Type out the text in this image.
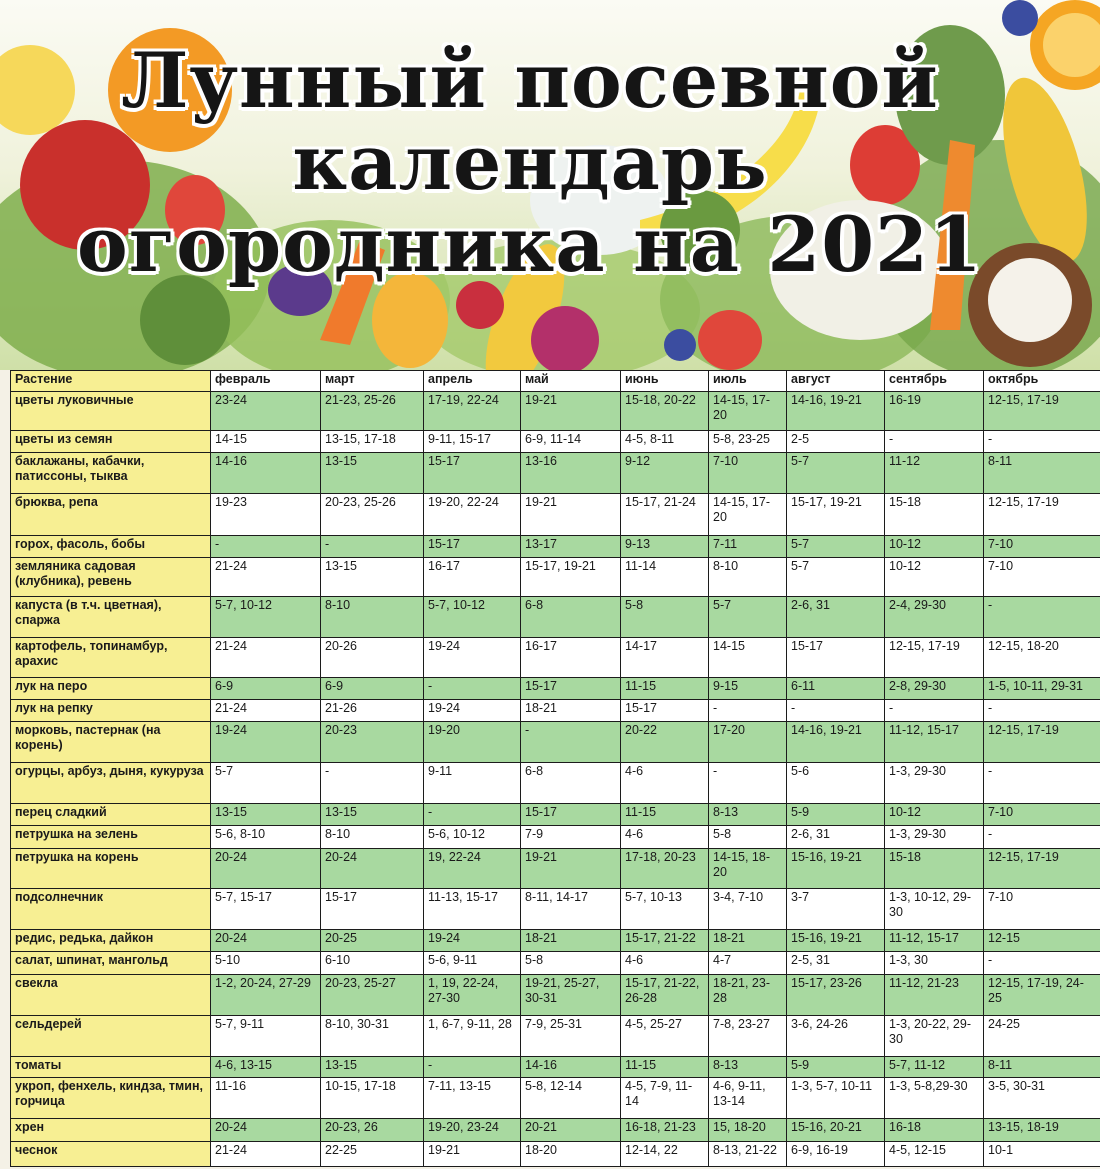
Лунный посевной
календарь
огородника на 2021
Растение	февраль	март	апрель	май	июнь	июль	август	сентябрь	октябрь
цветы луковичные	23-24	21-23, 25-26	17-19, 22-24	19-21	15-18, 20-22	14-15, 17-20	14-16, 19-21	16-19	12-15, 17-19
цветы из семян	14-15	13-15, 17-18	9-11, 15-17	6-9, 11-14	4-5, 8-11	5-8, 23-25	2-5	-	-
баклажаны, кабачки, патиссоны, тыква	14-16	13-15	15-17	13-16	9-12	7-10	5-7	11-12	8-11
брюква, репа	19-23	20-23, 25-26	19-20, 22-24	19-21	15-17, 21-24	14-15, 17-20	15-17, 19-21	15-18	12-15, 17-19
горох, фасоль, бобы	-	-	15-17	13-17	9-13	7-11	5-7	10-12	7-10
земляника садовая (клубника), ревень	21-24	13-15	16-17	15-17, 19-21	11-14	8-10	5-7	10-12	7-10
капуста (в т.ч. цветная), спаржа	5-7, 10-12	8-10	5-7, 10-12	6-8	5-8	5-7	2-6, 31	2-4, 29-30	-
картофель, топинамбур, арахис	21-24	20-26	19-24	16-17	14-17	14-15	15-17	12-15, 17-19	12-15, 18-20
лук на перо	6-9	6-9	-	15-17	11-15	9-15	6-11	2-8, 29-30	1-5, 10-11, 29-31
лук на репку	21-24	21-26	19-24	18-21	15-17	-	-	-	-
морковь, пастернак (на корень)	19-24	20-23	19-20	-	20-22	17-20	14-16, 19-21	11-12, 15-17	12-15, 17-19
огурцы, арбуз, дыня, кукуруза	5-7	-	9-11	6-8	4-6	-	5-6	1-3, 29-30	-
перец сладкий	13-15	13-15	-	15-17	11-15	8-13	5-9	10-12	7-10
петрушка на зелень	5-6, 8-10	8-10	5-6, 10-12	7-9	4-6	5-8	2-6, 31	1-3, 29-30	-
петрушка на корень	20-24	20-24	19, 22-24	19-21	17-18, 20-23	14-15, 18-20	15-16, 19-21	15-18	12-15, 17-19
подсолнечник	5-7, 15-17	15-17	11-13, 15-17	8-11, 14-17	5-7, 10-13	3-4, 7-10	3-7	1-3, 10-12, 29-30	7-10
редис, редька, дайкон	20-24	20-25	19-24	18-21	15-17, 21-22	18-21	15-16, 19-21	11-12, 15-17	12-15
салат, шпинат, мангольд	5-10	6-10	5-6, 9-11	5-8	4-6	4-7	2-5, 31	1-3, 30	-
свекла	1-2, 20-24, 27-29	20-23, 25-27	1, 19, 22-24, 27-30	19-21, 25-27, 30-31	15-17, 21-22, 26-28	18-21, 23-28	15-17, 23-26	11-12, 21-23	12-15, 17-19, 24-25
сельдерей	5-7, 9-11	8-10, 30-31	1, 6-7, 9-11, 28	7-9, 25-31	4-5, 25-27	7-8, 23-27	3-6, 24-26	1-3, 20-22, 29-30	24-25
томаты	4-6, 13-15	13-15	-	14-16	11-15	8-13	5-9	5-7, 11-12	8-11
укроп, фенхель, киндза, тмин, горчица	11-16	10-15, 17-18	7-11, 13-15	5-8, 12-14	4-5, 7-9, 11-14	4-6, 9-11, 13-14	1-3, 5-7, 10-11	1-3, 5-8,29-30	3-5, 30-31
хрен	20-24	20-23, 26	19-20, 23-24	20-21	16-18, 21-23	15, 18-20	15-16, 20-21	16-18	13-15, 18-19
чеснок	21-24	22-25	19-21	18-20	12-14, 22	8-13, 21-22	6-9, 16-19	4-5, 12-15	10-1
